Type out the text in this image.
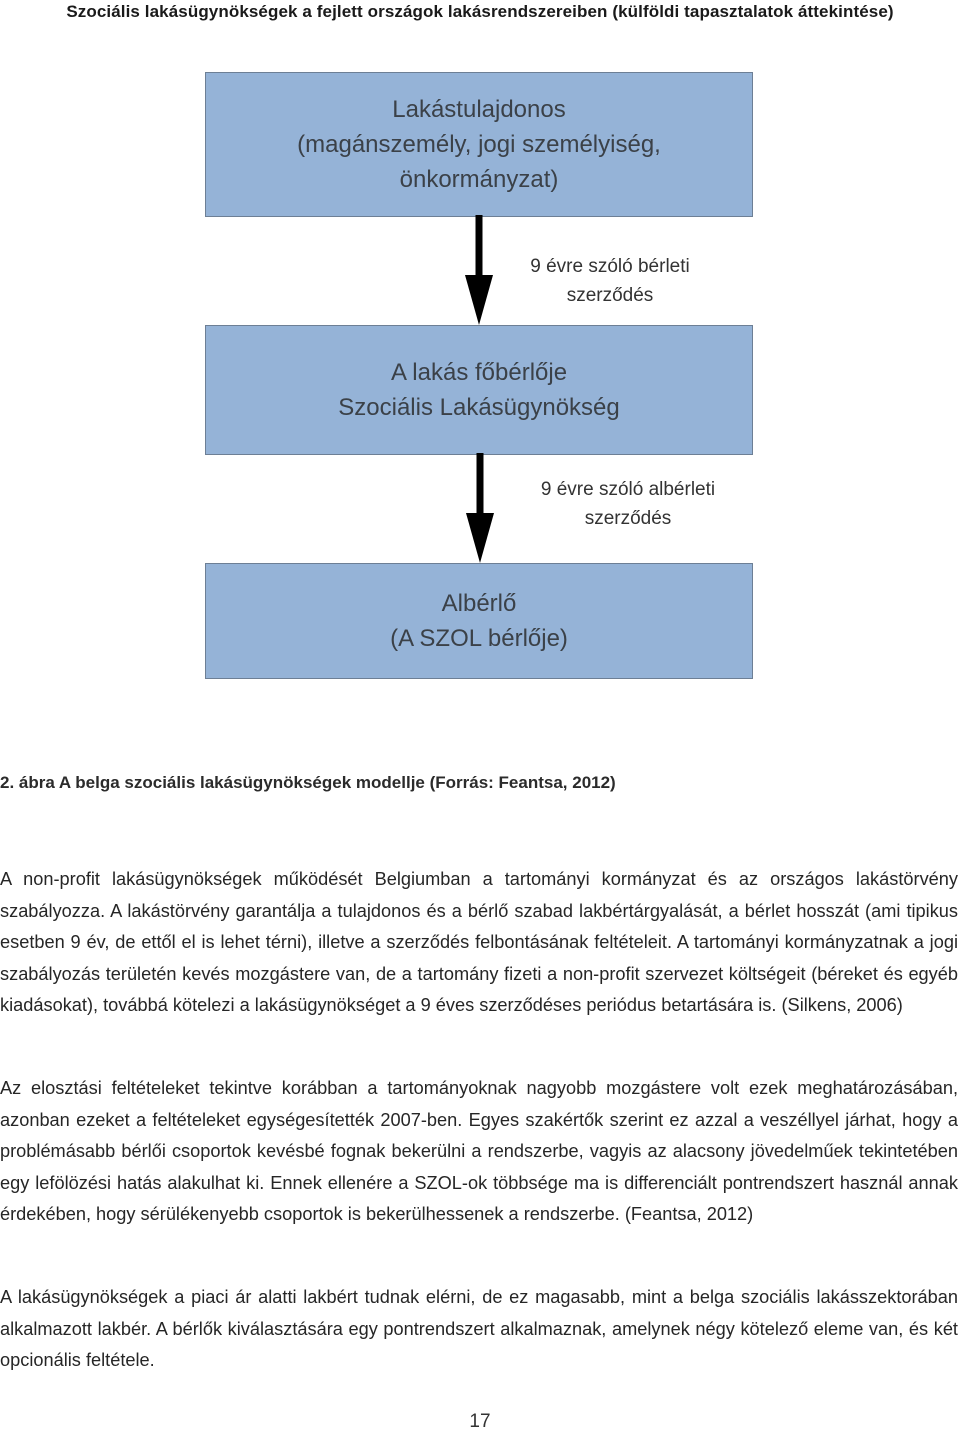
Szociális lakásügynökségek a fejlett országok lakásrendszereiben (külföldi tapasztalatok áttekintése)
Lakástulajdonos
(magánszemély, jogi személyiség,
önkormányzat)
9 évre szóló bérleti
szerződés
A lakás főbérlője
Szociális Lakásügynökség
9 évre szóló albérleti
szerződés
Albérlő
(A SZOL bérlője)
2. ábra A belga szociális lakásügynökségek modellje (Forrás: Feantsa, 2012)

A non-profit lakásügynökségek működését Belgiumban a tartományi kormányzat és az országos lakástörvény szabályozza. A lakástörvény garantálja a tulajdonos és a bérlő szabad lakbértárgyalását, a bérlet hosszát (ami tipikus esetben 9 év, de ettől el is lehet térni), illetve a szerződés felbontásának feltételeit. A tartományi kormányzatnak a jogi szabályozás területén kevés mozgástere van, de a tartomány fizeti a non-profit szervezet költségeit (béreket és egyéb kiadásokat), továbbá kötelezi a lakásügynökséget a 9 éves szerződéses periódus betartására is. (Silkens, 2006)

Az elosztási feltételeket tekintve korábban a tartományoknak nagyobb mozgástere volt ezek meghatározásában, azonban ezeket a feltételeket egységesítették 2007-ben. Egyes szakértők szerint ez azzal a veszéllyel járhat, hogy a problémásabb bérlői csoportok kevésbé fognak bekerülni a rendszerbe, vagyis az alacsony jövedelműek tekintetében egy lefölözési hatás alakulhat ki. Ennek ellenére a SZOL-ok többsége ma is differenciált pontrendszert használ annak érdekében, hogy sérülékenyebb csoportok is bekerülhessenek a rendszerbe. (Feantsa, 2012)

A lakásügynökségek a piaci ár alatti lakbért tudnak elérni, de ez magasabb, mint a belga szociális lakásszektorában alkalmazott lakbér. A bérlők kiválasztására egy pontrendszert alkalmaznak, amelynek négy kötelező eleme van, és két opcionális feltétele.

17
